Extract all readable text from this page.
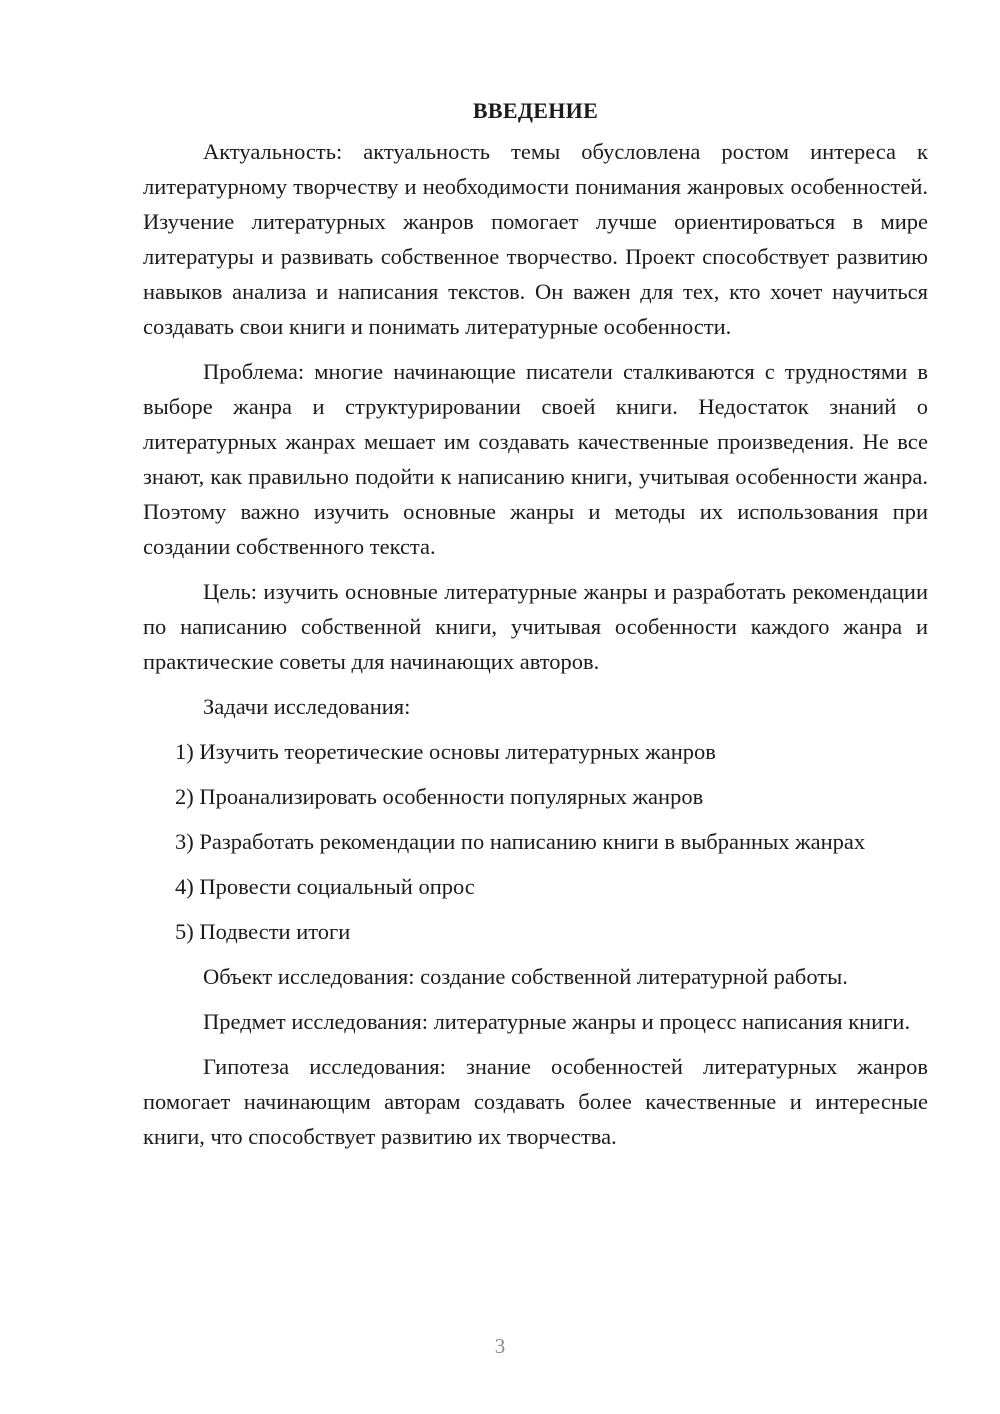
ВВЕДЕНИЕ

Актуальность: актуальность темы обусловлена ростом интереса к литературному творчеству и необходимости понимания жанровых особенностей. Изучение литературных жанров помогает лучше ориентироваться в мире литературы и развивать собственное творчество. Проект способствует развитию навыков анализа и написания текстов. Он важен для тех, кто хочет научиться создавать свои книги и понимать литературные особенности.

Проблема: многие начинающие писатели сталкиваются с трудностями в выборе жанра и структурировании своей книги. Недостаток знаний о литературных жанрах мешает им создавать качественные произведения. Не все знают, как правильно подойти к написанию книги, учитывая особенности жанра. Поэтому важно изучить основные жанры и методы их использования при создании собственного текста.

Цель: изучить основные литературные жанры и разработать рекомендации по написанию собственной книги, учитывая особенности каждого жанра и практические советы для начинающих авторов.

Задачи исследования:

1) Изучить теоретические основы литературных жанров

2) Проанализировать особенности популярных жанров

3) Разработать рекомендации по написанию книги в выбранных жанрах

4) Провести социальный опрос

5) Подвести итоги

Объект исследования: создание собственной литературной работы.

Предмет исследования: литературные жанры и процесс написания книги.

Гипотеза исследования: знание особенностей литературных жанров помогает начинающим авторам создавать более качественные и интересные книги, что способствует развитию их творчества.

3
